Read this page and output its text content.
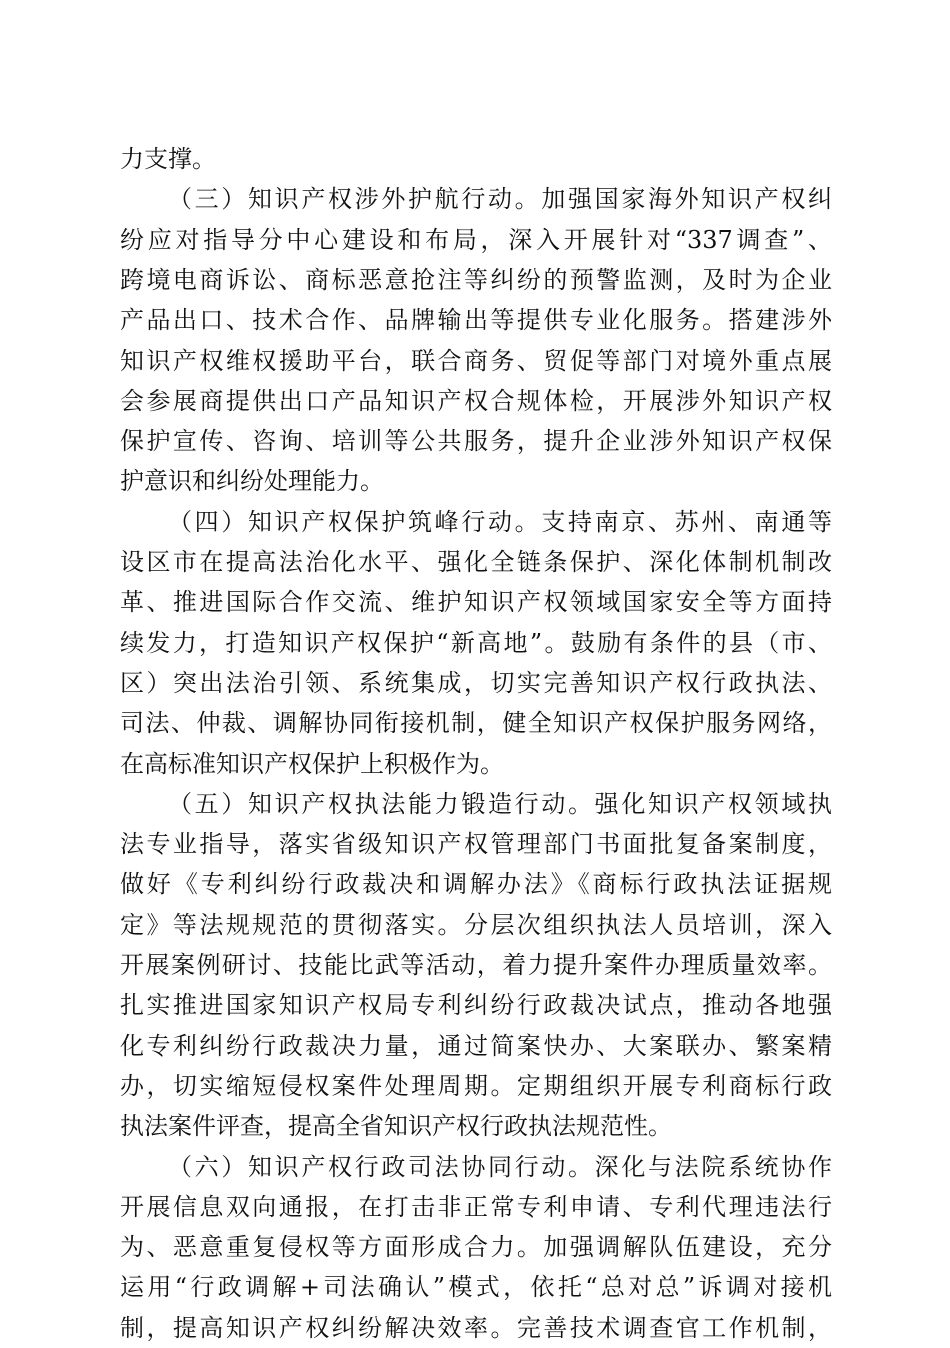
力支撑。
（三）知识产权涉外护航行动。加强国家海外知识产权纠
纷应对指导分中心建设和布局，深入开展针对“337调查”、
跨境电商诉讼、商标恶意抢注等纠纷的预警监测，及时为企业
产品出口、技术合作、品牌输出等提供专业化服务。搭建涉外
知识产权维权援助平台，联合商务、贸促等部门对境外重点展
会参展商提供出口产品知识产权合规体检，开展涉外知识产权
保护宣传、咨询、培训等公共服务，提升企业涉外知识产权保
护意识和纠纷处理能力。
（四）知识产权保护筑峰行动。支持南京、苏州、南通等
设区市在提高法治化水平、强化全链条保护、深化体制机制改
革、推进国际合作交流、维护知识产权领域国家安全等方面持
续发力，打造知识产权保护“新高地”。鼓励有条件的县（市、
区）突出法治引领、系统集成，切实完善知识产权行政执法、
司法、仲裁、调解协同衔接机制，健全知识产权保护服务网络，
在高标准知识产权保护上积极作为。
（五）知识产权执法能力锻造行动。强化知识产权领域执
法专业指导，落实省级知识产权管理部门书面批复备案制度，
做好《专利纠纷行政裁决和调解办法》《商标行政执法证据规
定》等法规规范的贯彻落实。分层次组织执法人员培训，深入
开展案例研讨、技能比武等活动，着力提升案件办理质量效率。
扎实推进国家知识产权局专利纠纷行政裁决试点，推动各地强
化专利纠纷行政裁决力量，通过简案快办、大案联办、繁案精
办，切实缩短侵权案件处理周期。定期组织开展专利商标行政
执法案件评查，提高全省知识产权行政执法规范性。
（六）知识产权行政司法协同行动。深化与法院系统协作
开展信息双向通报，在打击非正常专利申请、专利代理违法行
为、恶意重复侵权等方面形成合力。加强调解队伍建设，充分
运用“行政调解+司法确认”模式，依托“总对总”诉调对接机
制，提高知识产权纠纷解决效率。完善技术调查官工作机制，
